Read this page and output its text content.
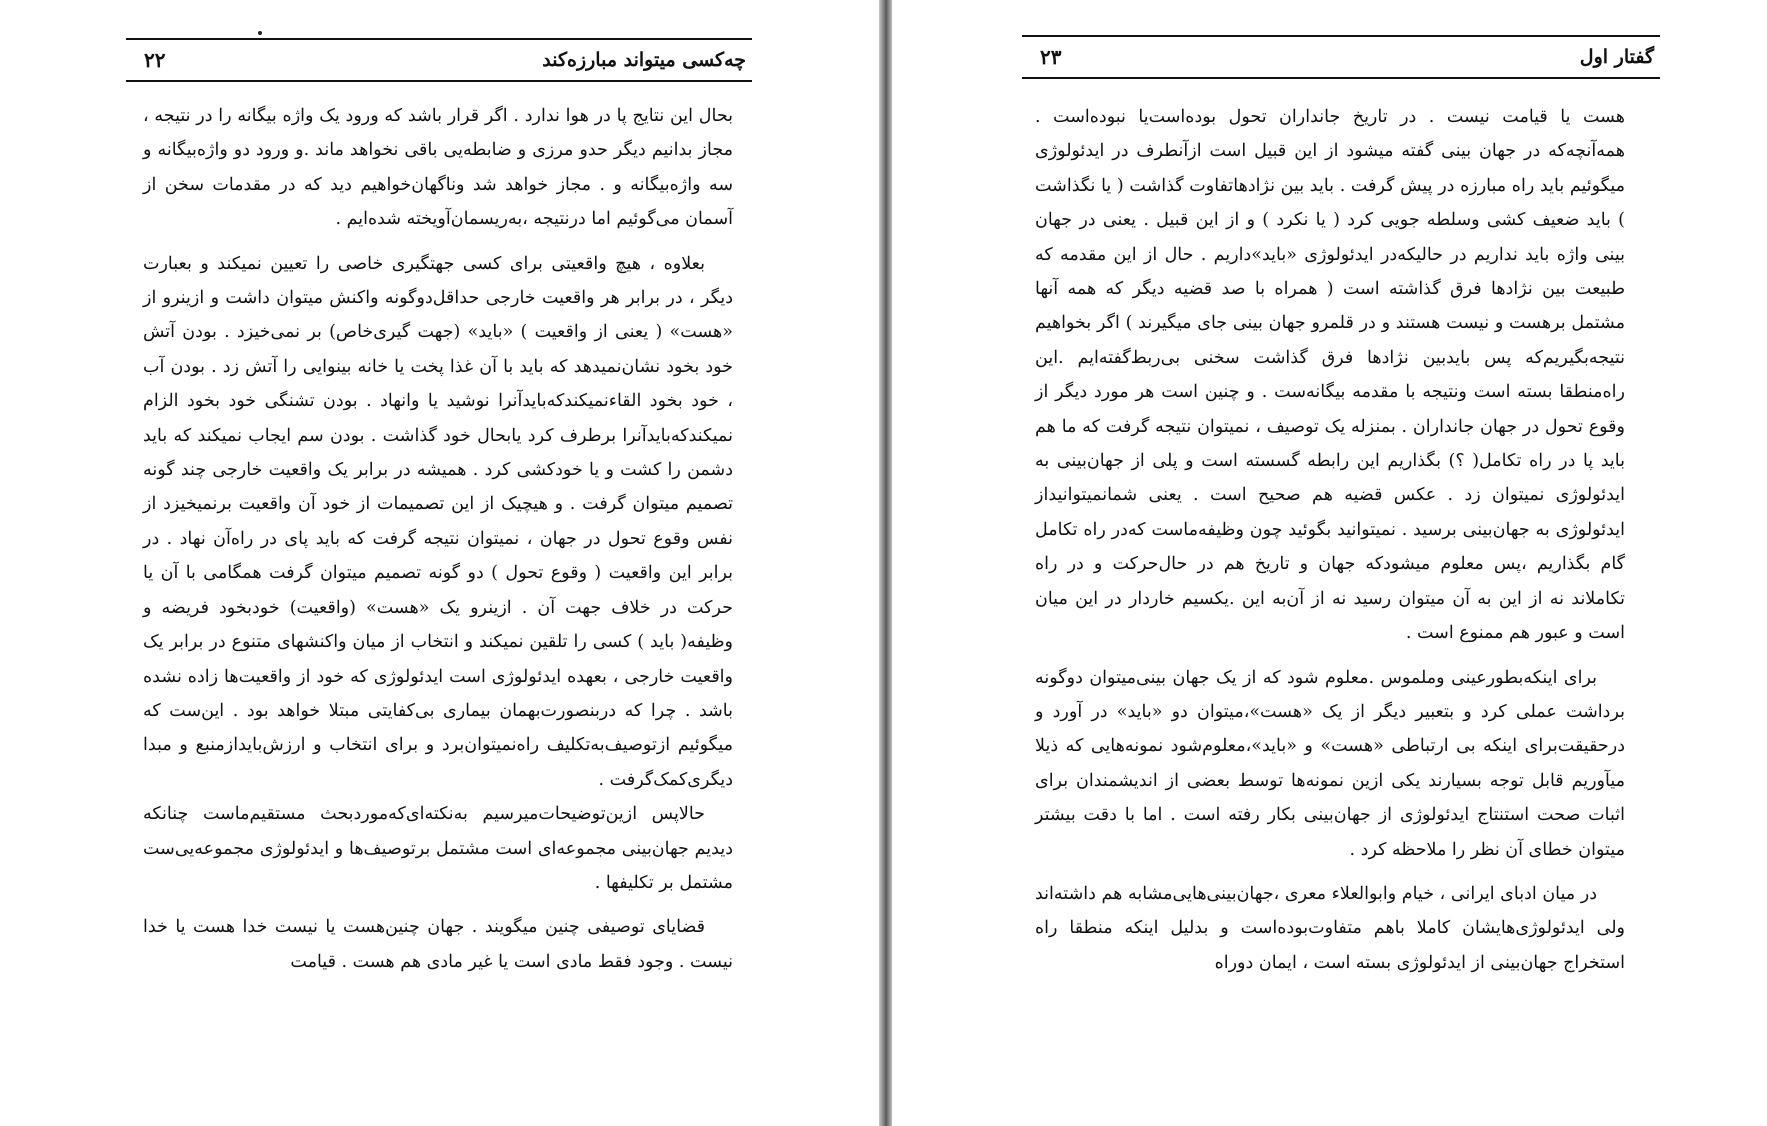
چه‌کسی میتواند مبارزه‌کند
۲۲

بحال این نتایج پا در هوا ندارد . اگر قرار باشد که ورود یک واژه بیگانه را در نتیجه ، مجاز بدانیم دیگر حدو مرزی و ضابطه‌یی باقی نخواهد ماند .و ورود دو واژه‌بیگانه و سه واژه‌بیگانه و . مجاز خواهد شد وناگهان‌خواهیم دید که در مقدمات سخن از آسمان می‌گوئیم اما درنتیجه ،به‌ریسمان‌آویخته شده‌ایم .

بعلاوه ، هیچ واقعیتی برای کسی جهتگیری خاصی را تعیین نمیکند و بعبارت دیگر ، در برابر هر واقعیت خارجی حداقل‌دوگونه واکنش میتوان داشت و ازینرو از «هست» ( یعنی از واقعیت ) «باید» (جهت گیری‌خاص) بر نمی‌خیزد . بودن آتش خود بخود نشان‌نمیدهد که باید با آن غذا پخت یا خانه بینوایی را آتش زد . بودن آب ، خود بخود القاءنمیکندکه‌بایدآنرا نوشید یا وانهاد . بودن تشنگی خود بخود الزام نمیکندکه‌بایدآنرا برطرف کرد یابحال خود گذاشت . بودن سم ایجاب نمیکند که باید دشمن را کشت و یا خودکشی کرد . همیشه در برابر یک واقعیت خارجی چند گونه تصمیم میتوان گرفت . و هیچیک از این تصمیمات از خود آن واقعیت برنمیخیزد از نفس وقوع تحول در جهان ، نمیتوان نتیجه گرفت که باید پای در راه‌آن نهاد . در برابر این واقعیت ( وقوع تحول ) دو گونه تصمیم میتوان گرفت همگامی با آن یا حرکت در خلاف جهت آن . ازینرو یک «هست» (واقعیت) خودبخود فریضه و وظیفه( باید ) کسی را تلقین نمیکند و انتخاب از میان واکنشهای متنوع در برابر یک واقعیت خارجی ، بعهده ایدئولوژی است ایدئولوژی که خود از واقعیت‌ها زاده نشده باشد . چرا که دربنصورت‌بهمان بیماری بی‌کفایتی مبتلا خواهد بود . این‌ست که میگوئیم ازتوصیف‌به‌تکلیف راه‌نمیتوان‌برد و برای انتخاب و ارزش‌بایدازمنبع و مبدا دیگری‌کمک‌گرفت .

حالاپس ازین‌توضیحات‌میرسیم به‌نکته‌ای‌که‌مورد‌بحث مستقیم‌ماست چنانکه دیدیم جهان‌بینی مجموعه‌ای است مشتمل برتوصیف‌ها و ایدئولوژی مجموعه‌یی‌ست مشتمل بر تکلیفها .

قضایای توصیفی چنین میگویند . جهان چنین‌هست یا نیست خدا هست یا خدا نیست . وجود فقط مادی است یا غیر مادی هم هست . قیامت

گفتار اول
۲۳

هست یا قیامت نیست . در تاریخ جانداران تحول بوده‌است‌یا نبوده‌است . همه‌آنچه‌که در جهان بینی گفته میشود از این قبیل است ازآنطرف در ایدئولوژی میگوئیم باید راه مبارزه در پیش گرفت . باید بین نژادهاتفاوت گذاشت ( یا نگذاشت ) باید ضعیف کشی وسلطه جویی کرد ( یا نکرد ) و از این قبیل . یعنی در جهان بینی واژه باید نداریم در حالیکه‌در ایدئولوژی «باید»داریم . حال از این مقدمه که طبیعت بین نژادها فرق گذاشته است ( همراه با صد قضیه دیگر که همه آنها مشتمل برهست و نیست هستند و در قلمرو جهان بینی جای میگیرند ) اگر بخواهیم نتیجه‌بگیریم‌که پس بایدبین نژادها فرق گذاشت سخنی بی‌ربط‌گفته‌ایم .این راه‌منطقا بسته است ونتیجه با مقدمه بیگانه‌ست . و چنین است هر مورد دیگر از وقوع تحول در جهان جانداران . بمنزله یک توصیف ، نمیتوان نتیجه گرفت که ما هم باید پا در راه تکامل( ؟) بگذاریم این رابطه گسسته است و پلی از جهان‌بینی به ایدئولوژی نمیتوان زد . عکس قضیه هم صحیح است . یعنی شمانمیتوانیداز ایدئولوژی به جهان‌بینی برسید . نمیتوانید بگوئید چون وظیفه‌ماست که‌در راه تکامل گام بگذاریم ،پس معلوم میشودکه جهان و تاریخ هم در حال‌حرکت و در راه تکاملاند نه از این به آن میتوان رسید نه از آن‌به این .یکسیم خاردار در این میان است و عبور هم ممنوع است .

برای اینکه‌بطورعینی وملموس .معلوم شود که از یک جهان بینی‌میتوان دوگونه برداشت عملی کرد و بتعبیر دیگر از یک «هست»،میتوان دو «باید» در آورد و درحقیقت‌برای اینکه بی ارتباطی «هست» و «باید»،معلوم‌شود نمونه‌هایی که ذیلا میآوریم قابل توجه بسیارند یکی ازین نمونه‌ها توسط بعضی از اندیشمندان برای اثبات صحت استنتاج ایدئولوژی از جهان‌بینی بکار رفته است . اما با دقت بیشتر میتوان خطای آن نظر را ملاحظه کرد .

در میان ادبای ایرانی ، خیام وابوالعلاء معری ،جهان‌بینی‌هایی‌مشابه هم داشته‌اند ولی ایدئولوژی‌هایشان کاملا باهم متفاوت‌بوده‌است و بدلیل اینکه منطقا راه استخراج جهان‌بینی از ایدئولوژی بسته است ، ایمان دوراه
